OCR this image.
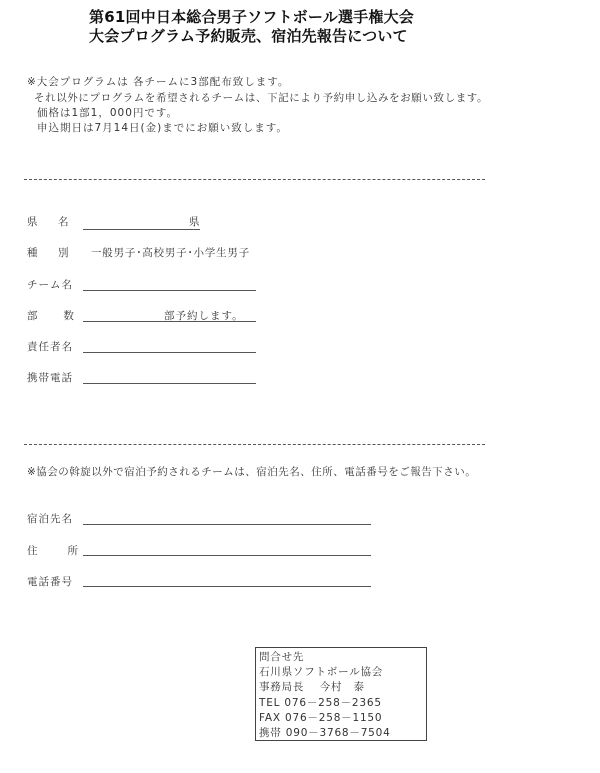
第61回中日本総合男子ソフトボール選手権大会
大会プログラム予約販売、宿泊先報告について
※大会プログラムは 各チームに3部配布致します。
それ以外にプログラムを希望されるチームは、下記により予約申し込みをお願い致します。
価格は1部1，000円です。
申込期日は7月14日(金)までにお願い致します。
県　名	県
種　別 一般男子･高校男子･小学生男子
チーム名
部　 数	部予約します。
責任者名
携帯電話
※協会の斡旋以外で宿泊予約されるチームは、宿泊先名、住所、電話番号をご報告下さい。
宿泊先名
住　　所
電話番号
問合せ先
石川県ソフトボール協会
事務局長　 今村　泰
TEL 076－258－2365
FAX 076－258－1150
携帯 090－3768－7504
